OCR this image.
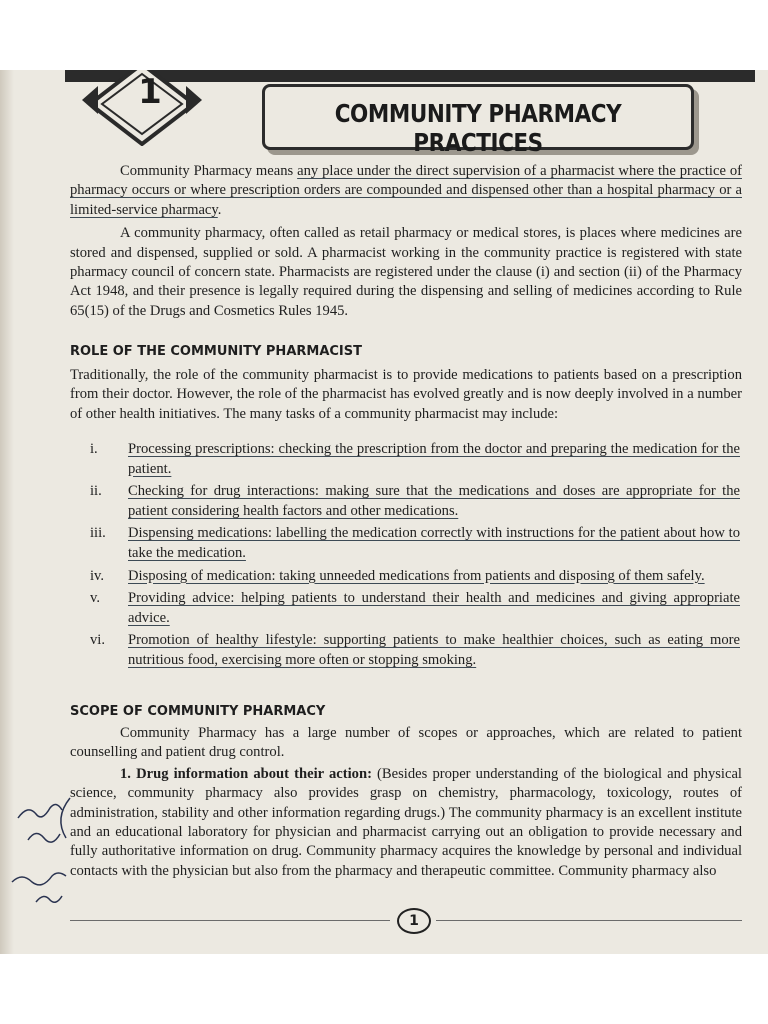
1
COMMUNITY PHARMACY PRACTICES

Community Pharmacy means any place under the direct supervision of a pharmacist where the practice of pharmacy occurs or where prescription orders are compounded and dispensed other than a hospital pharmacy or a limited-service pharmacy.

A community pharmacy, often called as retail pharmacy or medical stores, is places where medicines are stored and dispensed, supplied or sold. A pharmacist working in the community practice is registered with state pharmacy council of concern state. Pharmacists are registered under the clause (i) and section (ii) of the Pharmacy Act 1948, and their presence is legally required during the dispensing and selling of medicines according to Rule 65(15) of the Drugs and Cosmetics Rules 1945.

ROLE OF THE COMMUNITY PHARMACIST
Traditionally, the role of the community pharmacist is to provide medications to patients based on a prescription from their doctor. However, the role of the pharmacist has evolved greatly and is now deeply involved in a number of other health initiatives. The many tasks of a community pharmacist may include:
i.	Processing prescriptions: checking the prescription from the doctor and preparing the medication for the patient.
ii.	Checking for drug interactions: making sure that the medications and doses are appropriate for the patient considering health factors and other medications.
iii.	Dispensing medications: labelling the medication correctly with instructions for the patient about how to take the medication.
iv.	Disposing of medication: taking unneeded medications from patients and disposing of them safely.
v.	Providing advice: helping patients to understand their health and medicines and giving appropriate advice.
vi.	Promotion of healthy lifestyle: supporting patients to make healthier choices, such as eating more nutritious food, exercising more often or stopping smoking.
SCOPE OF COMMUNITY PHARMACY

Community Pharmacy has a large number of scopes or approaches, which are related to patient counselling and patient drug control.

1. Drug information about their action: (Besides proper understanding of the biological and physical science, community pharmacy also provides grasp on chemistry, pharmacology, toxicology, routes of administration, stability and other information regarding drugs.) The community pharmacy is an excellent institute and an educational laboratory for physician and pharmacist carrying out an obligation to provide necessary and fully authoritative information on drug. Community pharmacy acquires the knowledge by personal and individual contacts with the physician but also from the pharmacy and therapeutic committee. Community pharmacy also

1
